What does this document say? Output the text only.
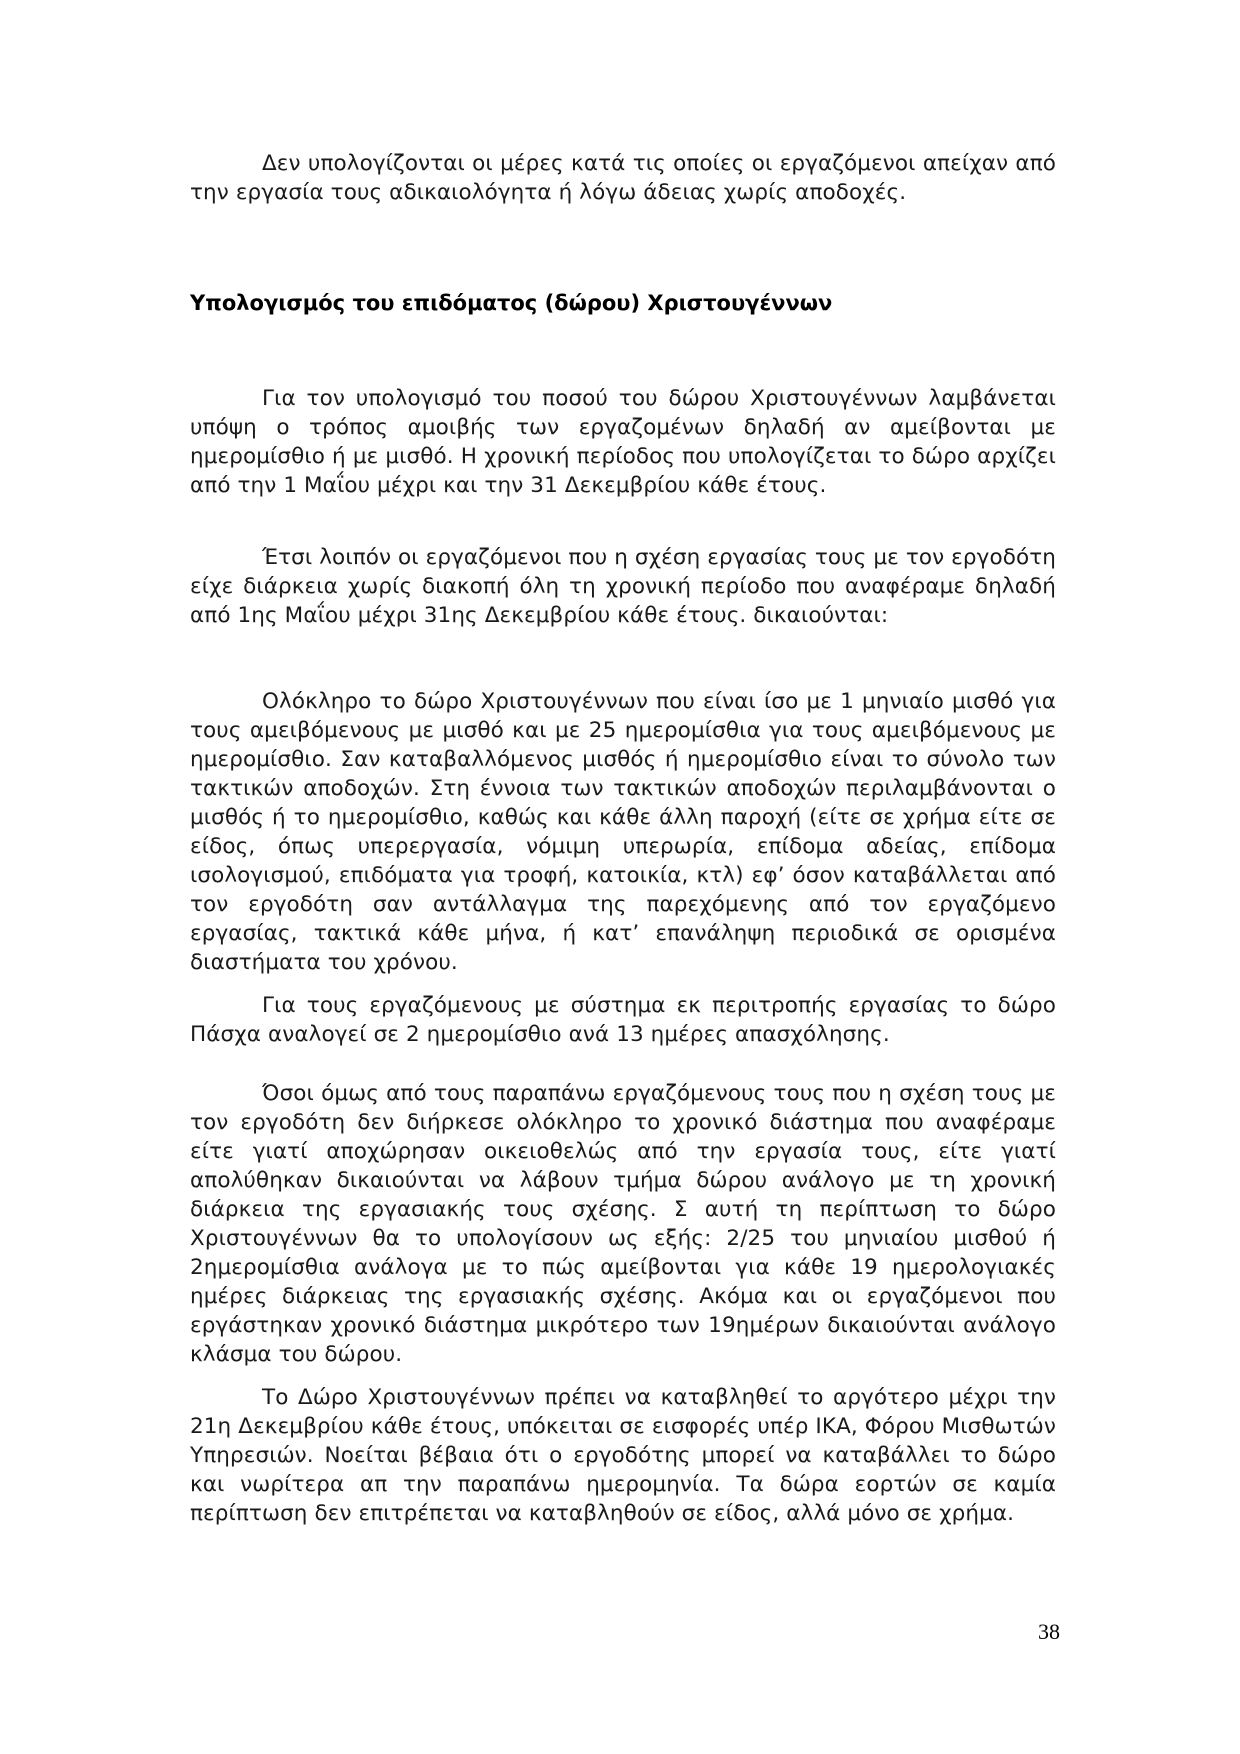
Δεν υπολογίζονται οι μέρες κατά τις οποίες οι εργαζόμενοι απείχαν από την εργασία τους αδικαιολόγητα ή λόγω άδειας χωρίς αποδοχές.

Υπολογισμός του επιδόματος (δώρου) Χριστουγέννων

Για τον υπολογισμό του ποσού του δώρου Χριστουγέννων λαμβάνεται υπόψη ο τρόπος αμοιβής των εργαζομένων δηλαδή αν αμείβονται με ημερομίσθιο ή με μισθό. Η χρονική περίοδος που υπολογίζεται το δώρο αρχίζει από την 1 Μαΐου μέχρι και την 31 Δεκεμβρίου κάθε έτους.

Έτσι λοιπόν οι εργαζόμενοι που η σχέση εργασίας τους με τον εργοδότη είχε διάρκεια χωρίς διακοπή όλη τη χρονική περίοδο που αναφέραμε δηλαδή από 1ης Μαΐου μέχρι 31ης Δεκεμβρίου κάθε έτους. δικαιούνται:

Ολόκληρο το δώρο Χριστουγέννων που είναι ίσο με 1 μηνιαίο μισθό για τους αμειβόμενους με μισθό και με 25 ημερομίσθια για τους αμειβόμενους με ημερομίσθιο. Σαν καταβαλλόμενος μισθός ή ημερομίσθιο είναι το σύνολο των τακτικών αποδοχών. Στη έννοια των τακτικών αποδοχών περιλαμβάνονται ο μισθός ή το ημερομίσθιο, καθώς και κάθε άλλη παροχή (είτε σε χρήμα είτε σε είδος, όπως υπερεργασία, νόμιμη υπερωρία, επίδομα αδείας, επίδομα ισολογισμού, επιδόματα για τροφή, κατοικία, κτλ) εφ’ όσον καταβάλλεται από τον εργοδότη σαν αντάλλαγμα της παρεχόμενης από τον εργαζόμενο εργασίας, τακτικά κάθε μήνα, ή κατ’ επανάληψη περιοδικά σε ορισμένα διαστήματα του χρόνου.

Για τους εργαζόμενους με σύστημα εκ περιτροπής εργασίας το δώρο Πάσχα αναλογεί σε 2 ημερομίσθιο ανά 13 ημέρες απασχόλησης.

Όσοι όμως από τους παραπάνω εργαζόμενους τους που η σχέση τους με τον εργοδότη δεν διήρκεσε ολόκληρο το χρονικό διάστημα που αναφέραμε είτε γιατί αποχώρησαν οικειοθελώς από την εργασία τους, είτε γιατί απολύθηκαν δικαιούνται να λάβουν τμήμα δώρου ανάλογο με τη χρονική διάρκεια της εργασιακής τους σχέσης. Σ αυτή τη περίπτωση το δώρο Χριστουγέννων θα το υπολογίσουν ως εξής: 2/25 του μηνιαίου μισθού ή 2ημερομίσθια ανάλογα με το πώς αμείβονται για κάθε 19 ημερολογιακές ημέρες διάρκειας της εργασιακής σχέσης. Ακόμα και οι εργαζόμενοι που εργάστηκαν χρονικό διάστημα μικρότερο των 19ημέρων δικαιούνται ανάλογο κλάσμα του δώρου.

Το Δώρο Χριστουγέννων πρέπει να καταβληθεί το αργότερο μέχρι την 21η Δεκεμβρίου κάθε έτους, υπόκειται σε εισφορές υπέρ ΙΚΑ, Φόρου Μισθωτών Υπηρεσιών. Νοείται βέβαια ότι ο εργοδότης μπορεί να καταβάλλει το δώρο και νωρίτερα απ την παραπάνω ημερομηνία. Τα δώρα εορτών σε καμία περίπτωση δεν επιτρέπεται να καταβληθούν σε είδος, αλλά μόνο σε χρήμα.

38
